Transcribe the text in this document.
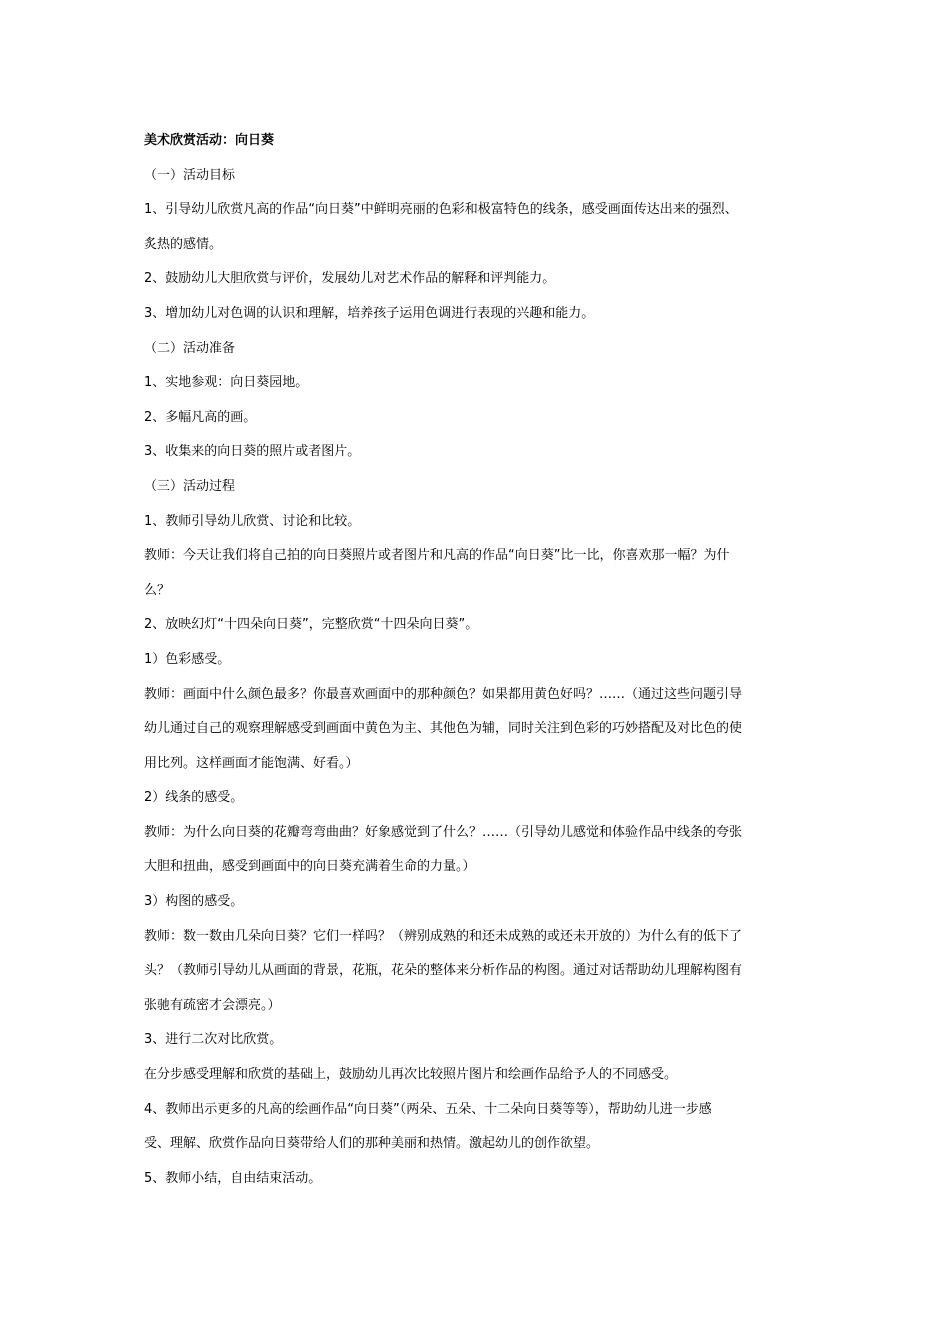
美术欣赏活动：向日葵
（一）活动目标
1、引导幼儿欣赏凡高的作品“向日葵”中鲜明亮丽的色彩和极富特色的线条，感受画面传达出来的强烈、
炙热的感情。
2、鼓励幼儿大胆欣赏与评价，发展幼儿对艺术作品的解释和评判能力。
3、增加幼儿对色调的认识和理解，培养孩子运用色调进行表现的兴趣和能力。
（二）活动准备
1、实地参观：向日葵园地。
2、多幅凡高的画。
3、收集来的向日葵的照片或者图片。
（三）活动过程
1、教师引导幼儿欣赏、讨论和比较。
教师：今天让我们将自己拍的向日葵照片或者图片和凡高的作品“向日葵”比一比，你喜欢那一幅？为什
么？
2、放映幻灯“十四朵向日葵”，完整欣赏“十四朵向日葵”。
1）色彩感受。
教师：画面中什么颜色最多？你最喜欢画面中的那种颜色？如果都用黄色好吗？……（通过这些问题引导
幼儿通过自己的观察理解感受到画面中黄色为主、其他色为辅，同时关注到色彩的巧妙搭配及对比色的使
用比列。这样画面才能饱满、好看。）
2）线条的感受。
教师：为什么向日葵的花瓣弯弯曲曲？好象感觉到了什么？……（引导幼儿感觉和体验作品中线条的夸张
大胆和扭曲，感受到画面中的向日葵充满着生命的力量。）
3）构图的感受。
教师：数一数由几朵向日葵？它们一样吗？（辨别成熟的和还未成熟的或还未开放的）为什么有的低下了
头？（教师引导幼儿从画面的背景，花瓶，花朵的整体来分析作品的构图。通过对话帮助幼儿理解构图有
张驰有疏密才会漂亮。）
3、进行二次对比欣赏。
在分步感受理解和欣赏的基础上，鼓励幼儿再次比较照片图片和绘画作品给予人的不同感受。
4、教师出示更多的凡高的绘画作品“向日葵”（两朵、五朵、十二朵向日葵等等），帮助幼儿进一步感
受、理解、欣赏作品向日葵带给人们的那种美丽和热情。激起幼儿的创作欲望。
5、教师小结，自由结束活动。
